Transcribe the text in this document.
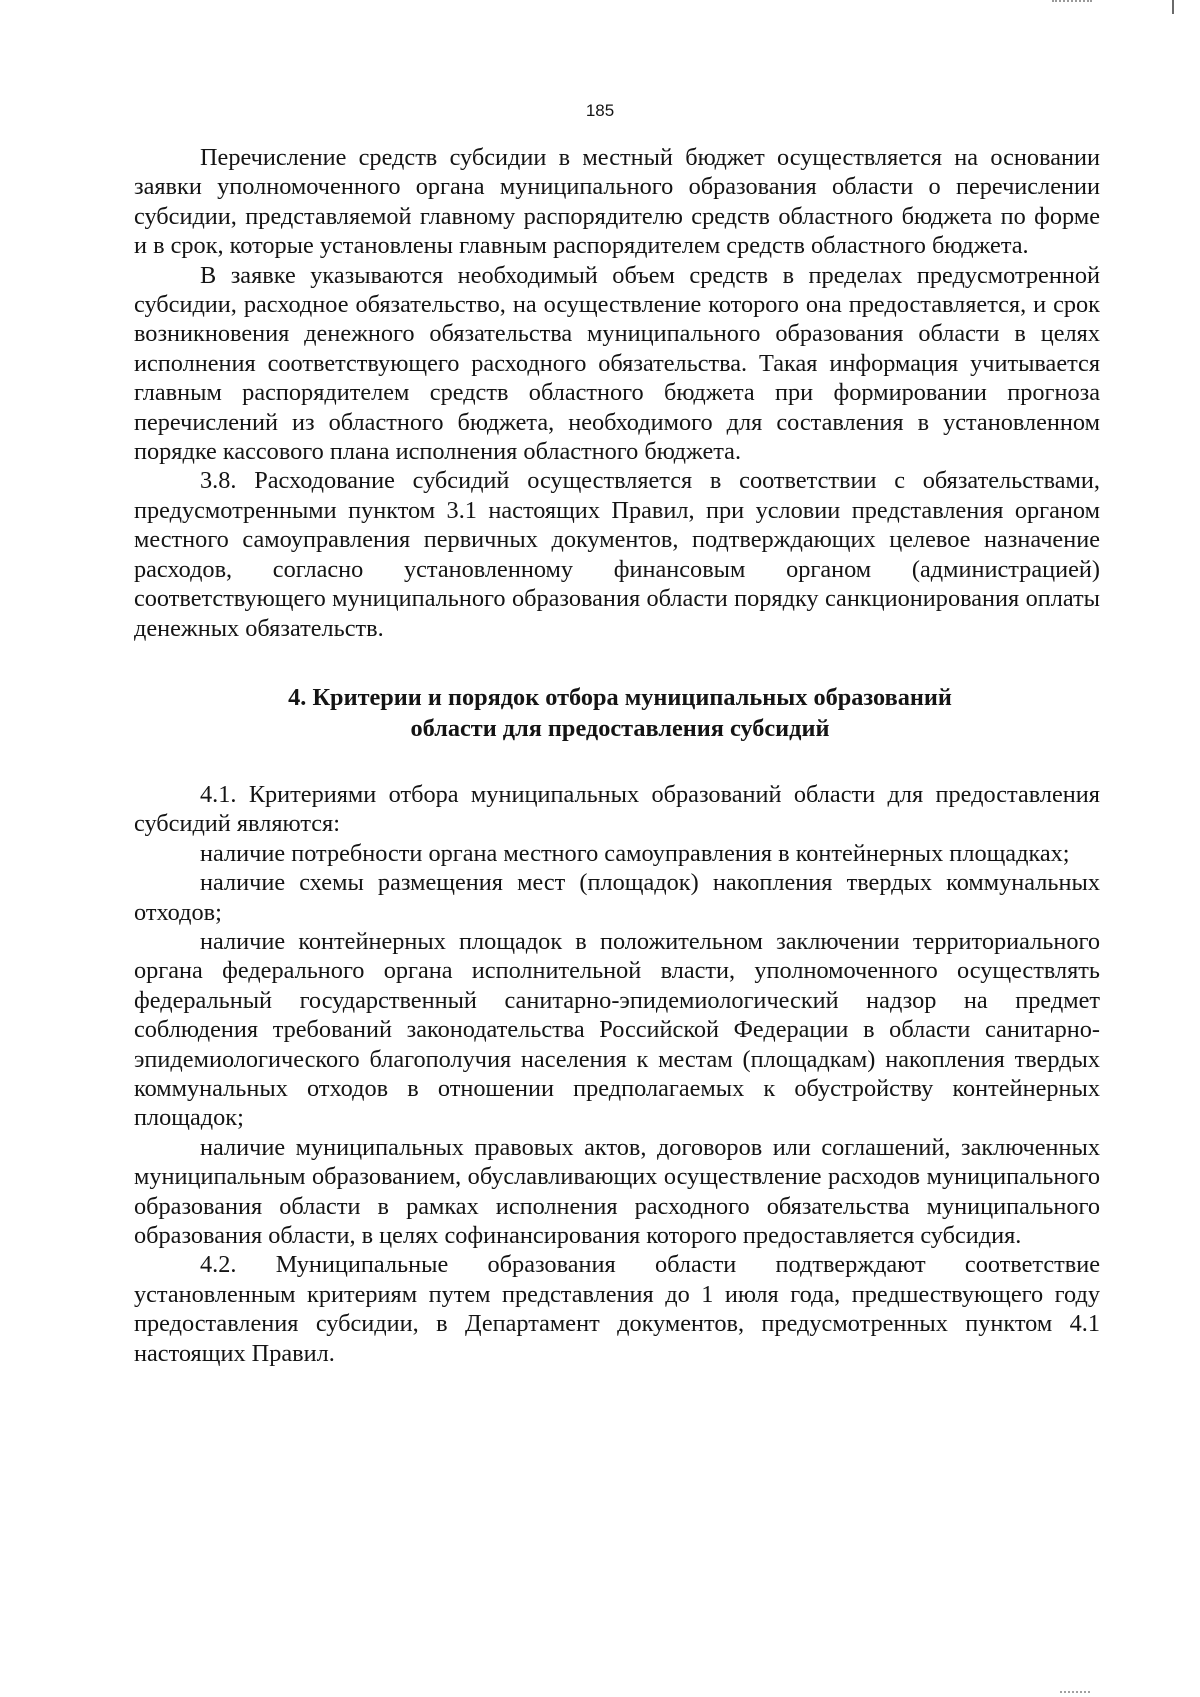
185

Перечисление средств субсидии в местный бюджет осуществляется на основании заявки уполномоченного органа муниципального образования области о перечислении субсидии, представляемой главному распорядителю средств областного бюджета по форме и в срок, которые установлены главным распорядителем средств областного бюджета.

В заявке указываются необходимый объем средств в пределах предусмотренной субсидии, расходное обязательство, на осуществление которого она предоставляется, и срок возникновения денежного обязательства муниципального образования области в целях исполнения соответствующего расходного обязательства. Такая информация учитывается главным распорядителем средств областного бюджета при формировании прогноза перечислений из областного бюджета, необходимого для составления в установленном порядке кассового плана исполнения областного бюджета.

3.8. Расходование субсидий осуществляется в соответствии с обязательствами, предусмотренными пунктом 3.1 настоящих Правил, при условии представления органом местного самоуправления первичных документов, подтверждающих целевое назначение расходов, согласно установленному финансовым органом (администрацией) соответствующего муниципального образования области порядку санкционирования оплаты денежных обязательств.

4. Критерии и порядок отбора муниципальных образований
области для предоставления субсидий

4.1. Критериями отбора муниципальных образований области для предоставления субсидий являются:

наличие потребности органа местного самоуправления в контейнерных площадках;

наличие схемы размещения мест (площадок) накопления твердых коммунальных отходов;

наличие контейнерных площадок в положительном заключении территориального органа федерального органа исполнительной власти, уполномоченного осуществлять федеральный государственный санитарно-эпидемиологический надзор на предмет соблюдения требований законодательства Российской Федерации в области санитарно-эпидемиологического благополучия населения к местам (площадкам) накопления твердых коммунальных отходов в отношении предполагаемых к обустройству контейнерных площадок;

наличие муниципальных правовых актов, договоров или соглашений, заключенных муниципальным образованием, обуславливающих осуществление расходов муниципального образования области в рамках исполнения расходного обязательства муниципального образования области, в целях софинансирования которого предоставляется субсидия.

4.2. Муниципальные образования области подтверждают соответствие установленным критериям путем представления до 1 июля года, предшествующего году предоставления субсидии, в Департамент документов, предусмотренных пунктом 4.1 настоящих Правил.
